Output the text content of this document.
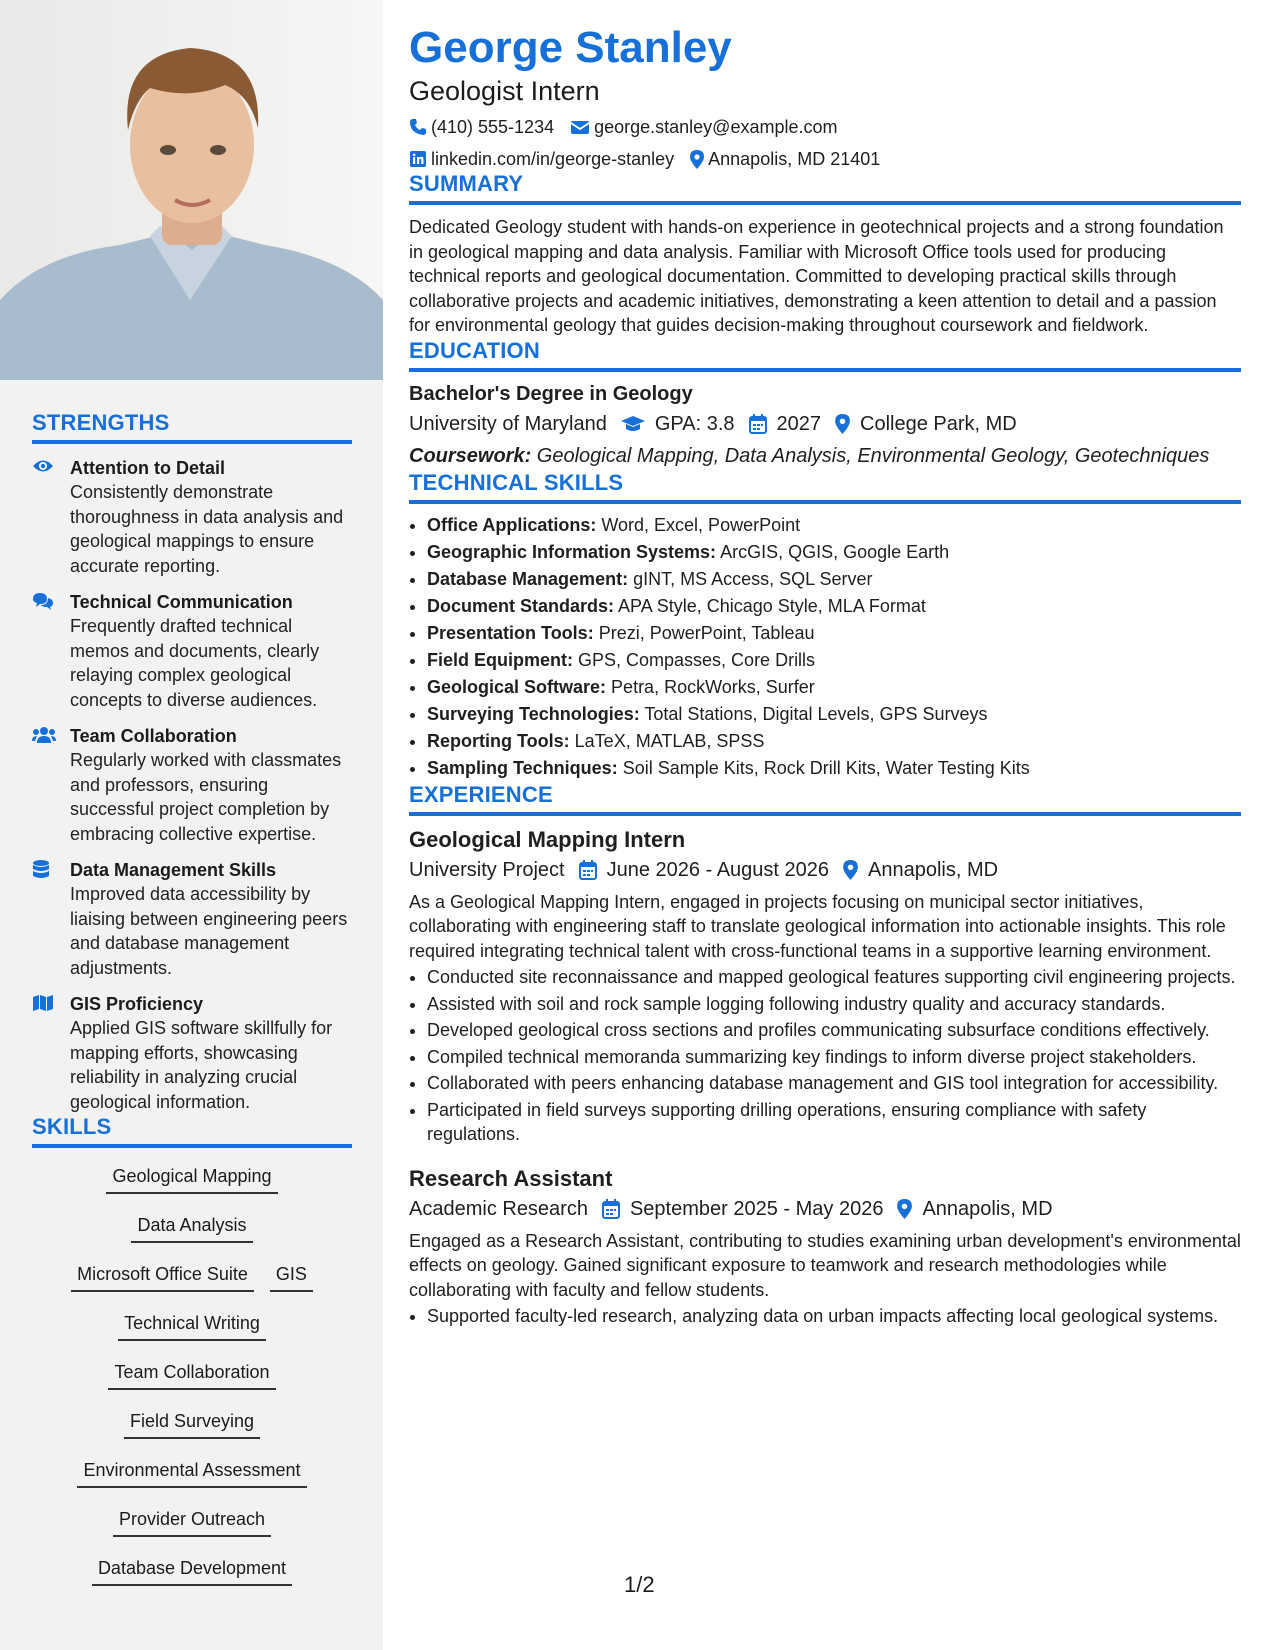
STRENGTHS
Attention to Detail
Consistently demonstrate thoroughness in data analysis and geological mappings to ensure accurate reporting.
Technical Communication
Frequently drafted technical memos and documents, clearly relaying complex geological concepts to diverse audiences.
Team Collaboration
Regularly worked with classmates and professors, ensuring successful project completion by embracing collective expertise.
Data Management Skills
Improved data accessibility by liaising between engineering peers and database management adjustments.
GIS Proficiency
Applied GIS software skillfully for mapping efforts, showcasing reliability in analyzing crucial geological information.
SKILLS
Geological Mapping
Data Analysis
Microsoft Office Suite	GIS
Technical Writing
Team Collaboration
Field Surveying
Environmental Assessment
Provider Outreach
Database Development
George Stanley
Geologist Intern
(410) 555-1234 george.stanley@example.com
linkedin.com/in/george-stanley Annapolis, MD 21401
SUMMARY
Dedicated Geology student with hands-on experience in geotechnical projects and a strong foundation in geological mapping and data analysis. Familiar with Microsoft Office tools used for producing technical reports and geological documentation. Committed to developing practical skills through collaborative projects and academic initiatives, demonstrating a keen attention to detail and a passion for environmental geology that guides decision-making throughout coursework and fieldwork.
EDUCATION
Bachelor's Degree in Geology
University of Maryland GPA: 3.8 2027 College Park, MD
Coursework: Geological Mapping, Data Analysis, Environmental Geology, Geotechniques
TECHNICAL SKILLS
• Office Applications: Word, Excel, PowerPoint
• Geographic Information Systems: ArcGIS, QGIS, Google Earth
• Database Management: gINT, MS Access, SQL Server
• Document Standards: APA Style, Chicago Style, MLA Format
• Presentation Tools: Prezi, PowerPoint, Tableau
• Field Equipment: GPS, Compasses, Core Drills
• Geological Software: Petra, RockWorks, Surfer
• Surveying Technologies: Total Stations, Digital Levels, GPS Surveys
• Reporting Tools: LaTeX, MATLAB, SPSS
• Sampling Techniques: Soil Sample Kits, Rock Drill Kits, Water Testing Kits
EXPERIENCE
Geological Mapping Intern
University Project June 2026 - August 2026 Annapolis, MD
As a Geological Mapping Intern, engaged in projects focusing on municipal sector initiatives, collaborating with engineering staff to translate geological information into actionable insights. This role required integrating technical talent with cross-functional teams in a supportive learning environment.
• Conducted site reconnaissance and mapped geological features supporting civil engineering projects.
• Assisted with soil and rock sample logging following industry quality and accuracy standards.
• Developed geological cross sections and profiles communicating subsurface conditions effectively.
• Compiled technical memoranda summarizing key findings to inform diverse project stakeholders.
• Collaborated with peers enhancing database management and GIS tool integration for accessibility.
• Participated in field surveys supporting drilling operations, ensuring compliance with safety regulations.
Research Assistant
Academic Research September 2025 - May 2026 Annapolis, MD
Engaged as a Research Assistant, contributing to studies examining urban development's environmental effects on geology. Gained significant exposure to teamwork and research methodologies while collaborating with faculty and fellow students.
• Supported faculty-led research, analyzing data on urban impacts affecting local geological systems.
1/2
